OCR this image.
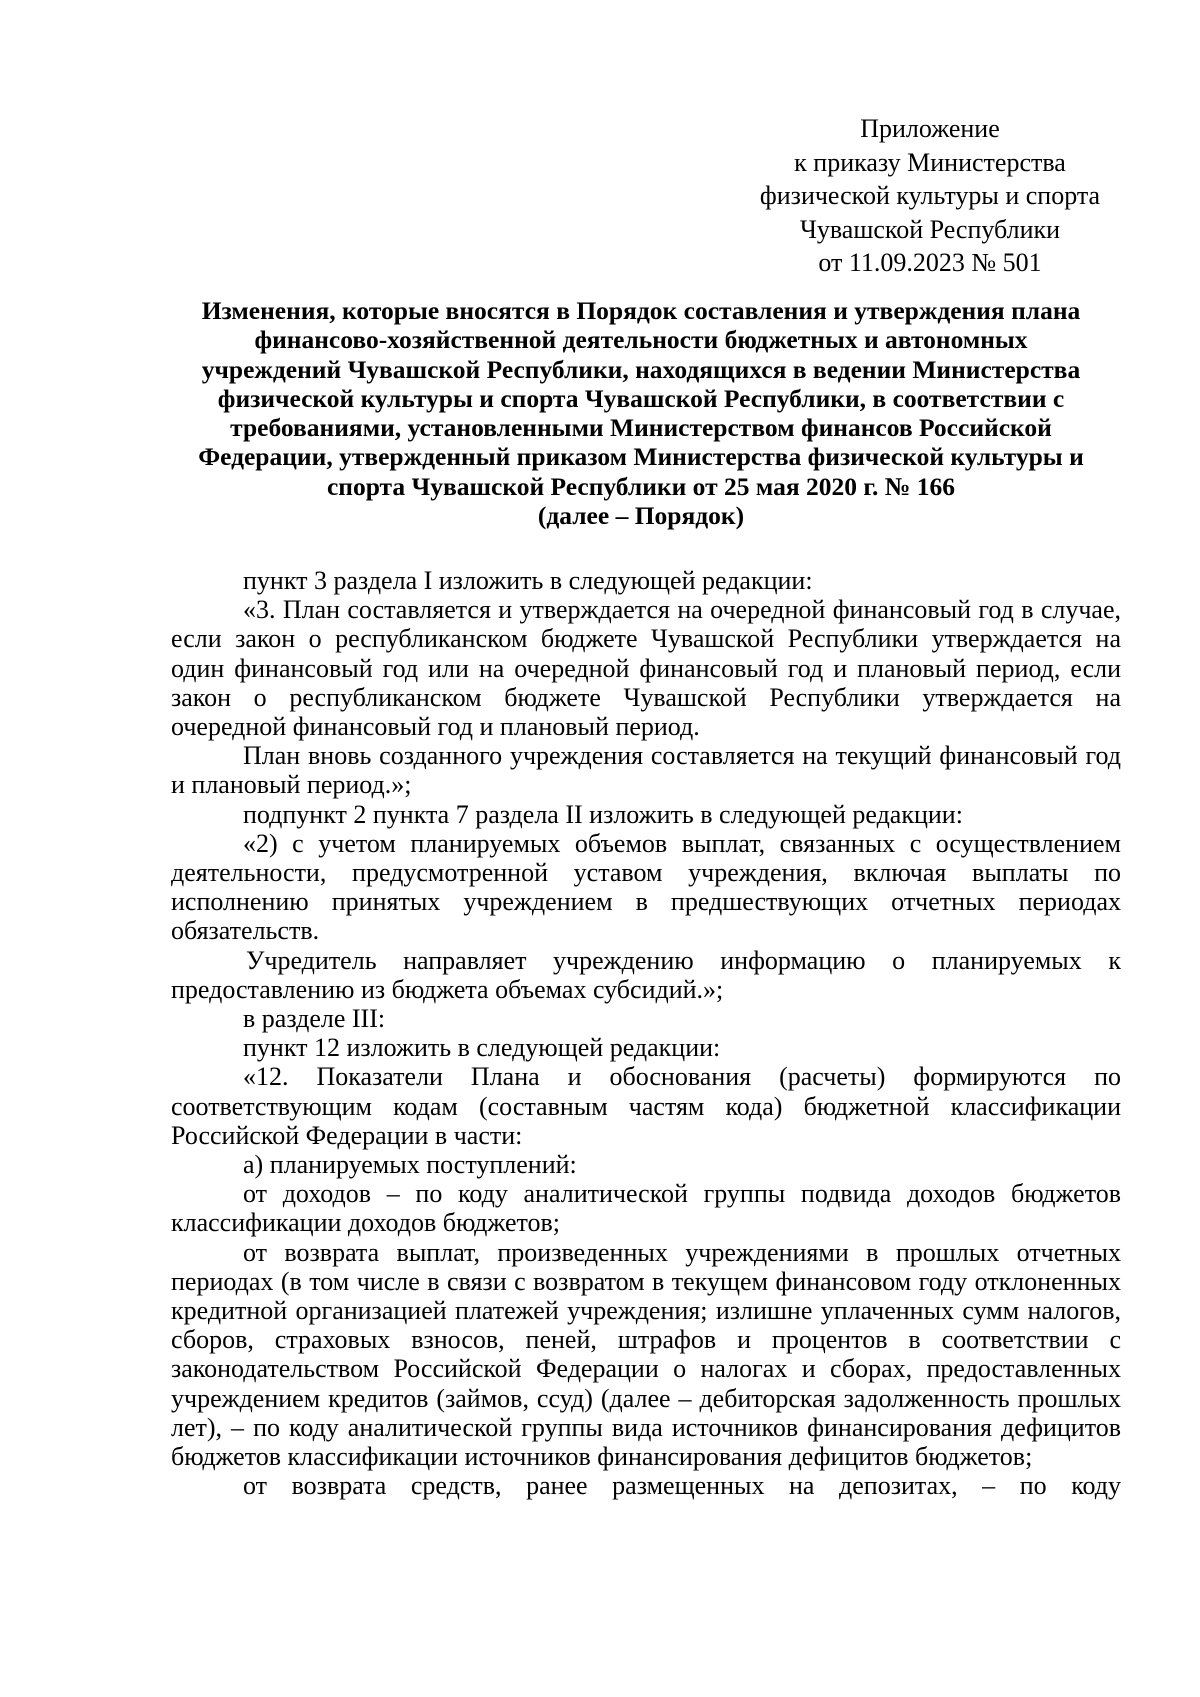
Приложение
к приказу Министерства
физической культуры и спорта
Чувашской Республики
от 11.09.2023 № 501
Изменения, которые вносятся в Порядок составления и утверждения плана
финансово-хозяйственной деятельности бюджетных и автономных
учреждений Чувашской Республики, находящихся в ведении Министерства
физической культуры и спорта Чувашской Республики, в соответствии с
требованиями, установленными Министерством финансов Российской
Федерации, утвержденный приказом Министерства физической культуры и
спорта Чувашской Республики от 25 мая 2020 г. № 166
(далее – Порядок)

пункт 3 раздела I изложить в следующей редакции:

«3. План составляется и утверждается на очередной финансовый год в случае, если закон о республиканском бюджете Чувашской Республики утверждается на один финансовый год или на очередной финансовый год и плановый период, если закон о республиканском бюджете Чувашской Республики утверждается на очередной финансовый год и плановый период.

План вновь созданного учреждения составляется на текущий финансовый год и плановый период.»;

подпункт 2 пункта 7 раздела II изложить в следующей редакции:

«2) с учетом планируемых объемов выплат, связанных с осуществлением деятельности, предусмотренной уставом учреждения, включая выплаты по исполнению принятых учреждением в предшествующих отчетных периодах обязательств.

Учредитель направляет учреждению информацию о планируемых к предоставлению из бюджета объемах субсидий.»;

в разделе III:

пункт 12 изложить в следующей редакции:

«12. Показатели Плана и обоснования (расчеты) формируются по соответствующим кодам (составным частям кода) бюджетной классификации Российской Федерации в части:

а) планируемых поступлений:

от доходов – по коду аналитической группы подвида доходов бюджетов классификации доходов бюджетов;

от возврата выплат, произведенных учреждениями в прошлых отчетных периодах (в том числе в связи с возвратом в текущем финансовом году отклоненных кредитной организацией платежей учреждения; излишне уплаченных сумм налогов, сборов, страховых взносов, пеней, штрафов и процентов в соответствии с законодательством Российской Федерации о налогах и сборах, предоставленных учреждением кредитов (займов, ссуд) (далее – дебиторская задолженность прошлых лет), – по коду аналитической группы вида источников финансирования дефицитов бюджетов классификации источников финансирования дефицитов бюджетов;

от возврата средств, ранее размещенных на депозитах, – по коду
